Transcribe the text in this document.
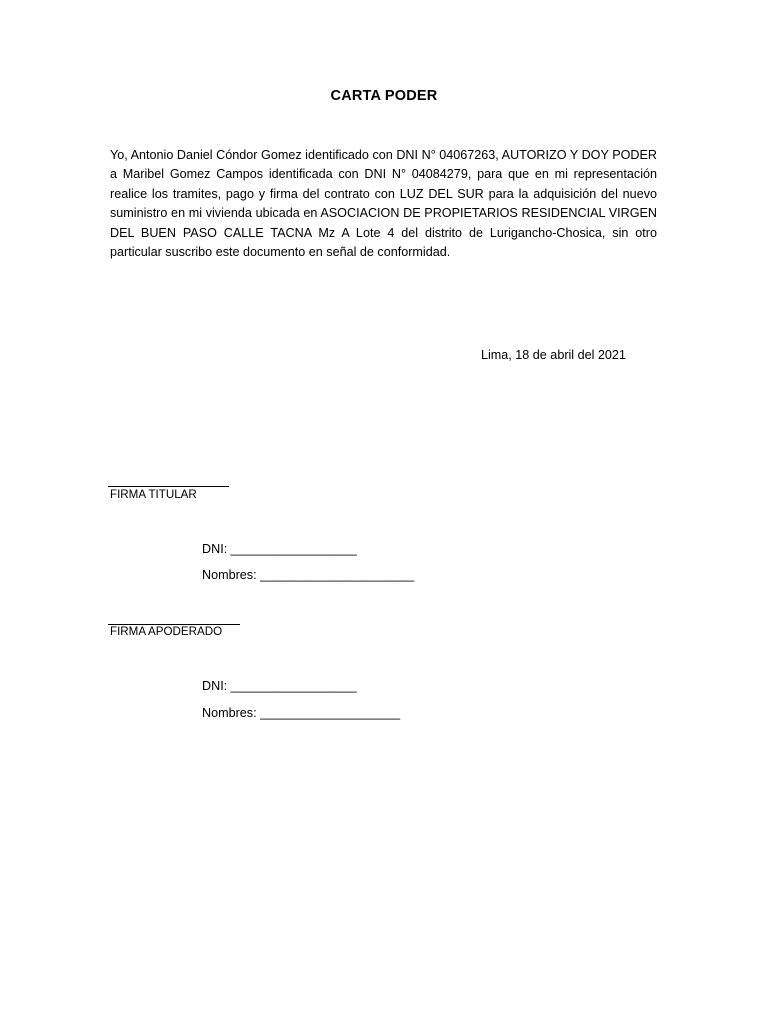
CARTA PODER
Yo, Antonio Daniel Cóndor Gomez identificado con DNI N° 04067263, AUTORIZO Y DOY PODER a Maribel Gomez Campos identificada con DNI N° 04084279, para que en mi representación realice los tramites, pago y firma del contrato con LUZ DEL SUR para la adquisición del nuevo suministro en mi vivienda ubicada en ASOCIACION DE PROPIETARIOS RESIDENCIAL VIRGEN DEL BUEN PASO CALLE TACNA Mz A Lote 4 del distrito de Lurigancho-Chosica, sin otro particular suscribo este documento en señal de conformidad.
Lima, 18 de abril del 2021
FIRMA TITULAR
DNI: __________________
Nombres: ______________________
FIRMA APODERADO
DNI: __________________
Nombres: ____________________
